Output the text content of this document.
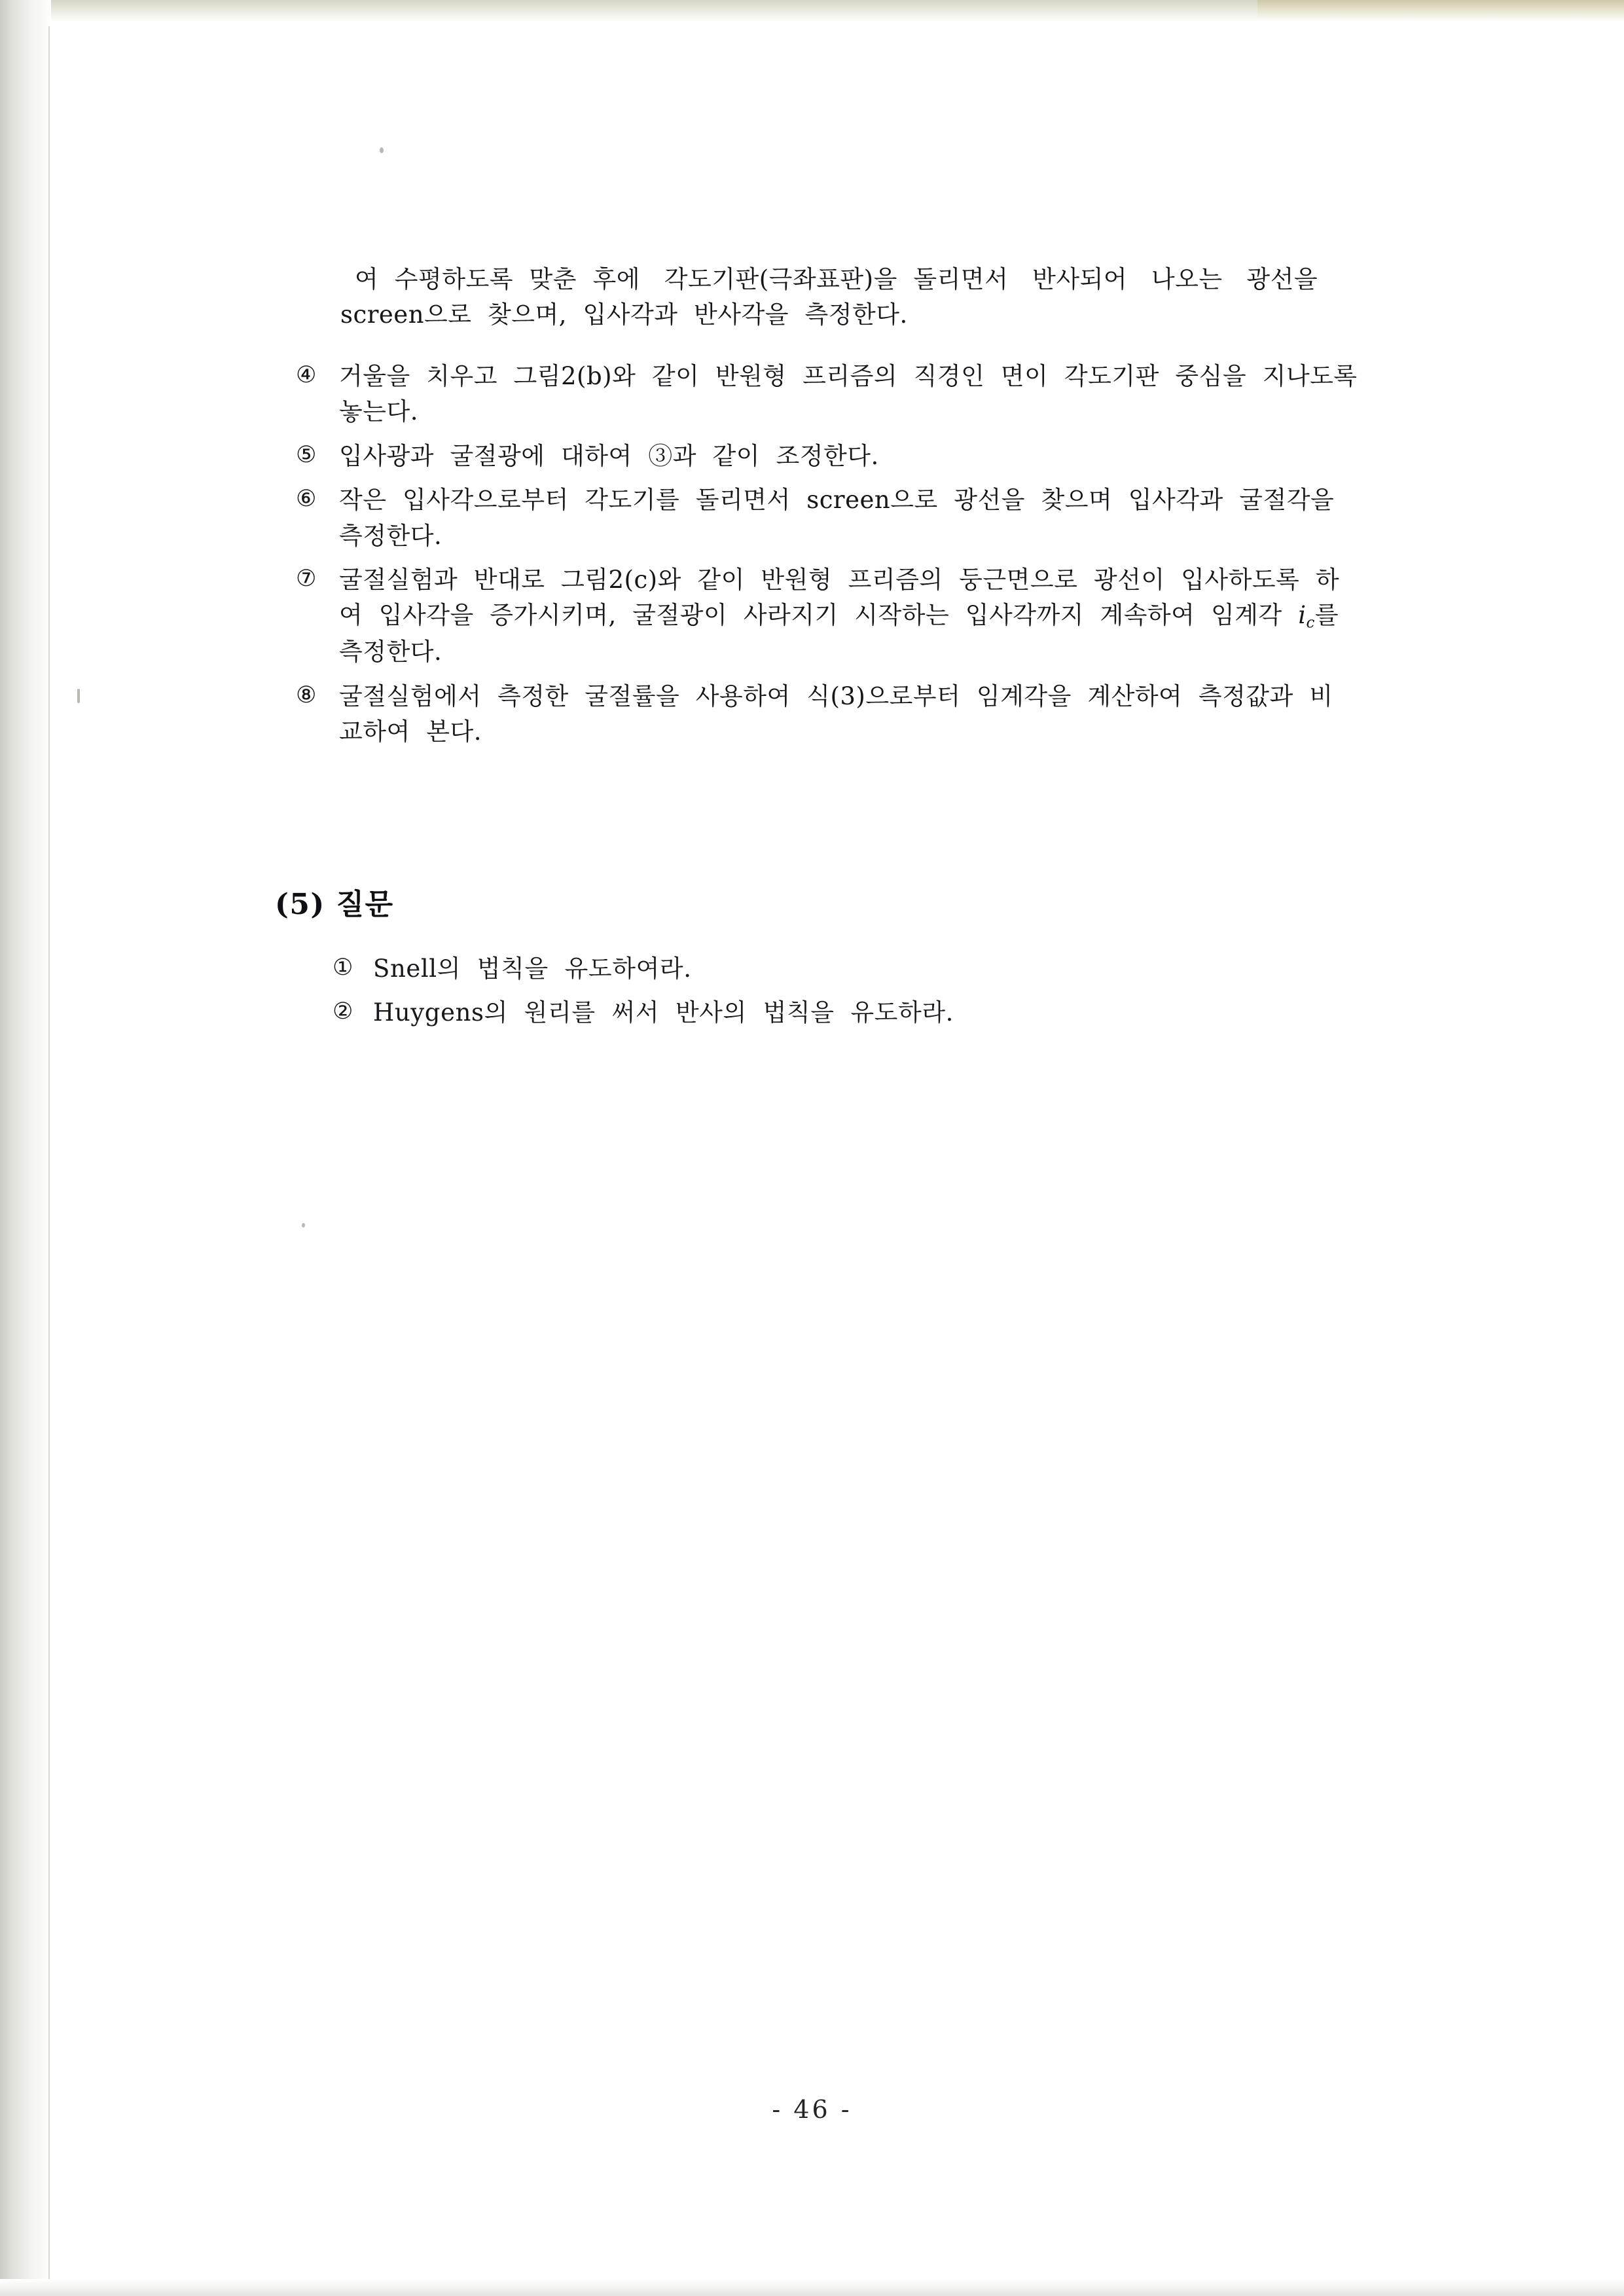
여  수평하도록  맞춘  후에   각도기판(극좌표판)을  돌리면서   반사되어   나오는   광선을
screen으로  찾으며,  입사각과  반사각을  측정한다.
④ 거울을  치우고  그림2(b)와  같이  반원형  프리즘의  직경인  면이  각도기판  중심을  지나도록
놓는다.
⑤ 입사광과  굴절광에  대하여  ③과  같이  조정한다.
⑥ 작은  입사각으로부터  각도기를  돌리면서  screen으로  광선을  찾으며  입사각과  굴절각을
측정한다.
⑦ 굴절실험과  반대로  그림2(c)와  같이  반원형  프리즘의  둥근면으로  광선이  입사하도록  하
여  입사각을  증가시키며,  굴절광이  사라지기  시작하는  입사각까지  계속하여  임계각  $i_c$를
측정한다.
⑧ 굴절실험에서  측정한  굴절률을  사용하여  식(3)으로부터  임계각을  계산하여  측정값과  비
교하여  본다.
(5) 질문
① Snell의  법칙을  유도하여라.
② Huygens의  원리를  써서  반사의  법칙을  유도하라.
- 46 -
